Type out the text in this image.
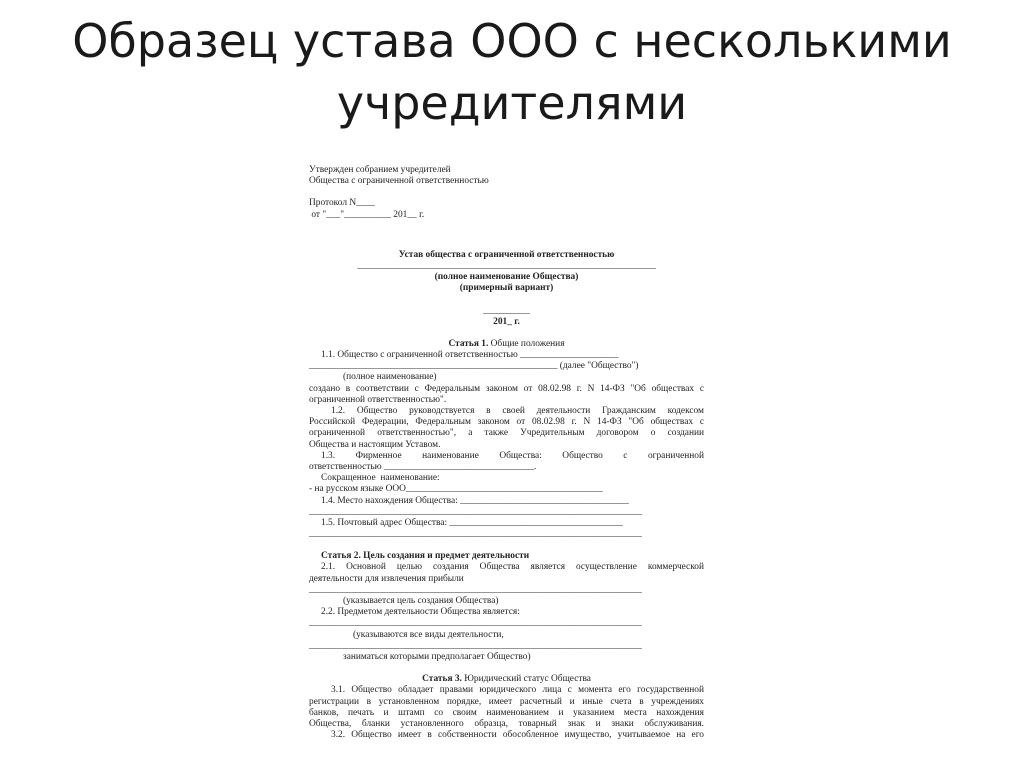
Образец устава ООО с несколькими
учредителями
Утвержден собранием учредителей
Общества с ограниченной ответственностью
Протокол N____
от "___"__________ 201__ г.
Устав общества с ограниченной ответственностью
____________________________________________________________________
(полное наименование Общества)
(примерный вариант)
__________
201_ г.
Статья 1. Общие положения
1.1. Общество с ограниченной ответственностью _____________________
_____________________________________________________ (далее "Общество")
(полное наименование)
создано в соответствии с Федеральным законом от 08.02.98 г. N 14-ФЗ "Об обществах с
ограниченной ответственностью".
1.2. Общество руководствуется в своей деятельности Гражданским кодексом
Российской Федерации, Федеральным законом от 08.02.98 г. N 14-ФЗ "Об обществах с
ограниченной ответственностью", а также Учредительным договором о создании
Общества и настоящим Уставом.
1.3. Фирменное наименование Общества: Общество с ограниченной
ответственностью ________________________________.
Сокращенное  наименование:
- на русском языке ООО__________________________________________
1.4. Место нахождения Общества: ____________________________________
_______________________________________________________________________
1.5. Почтовый адрес Общества: _____________________________________
_______________________________________________________________________
Статья 2. Цель создания и предмет деятельности
2.1. Основной целью создания Общества является осуществление коммерческой
деятельности для извлечения прибыли
_______________________________________________________________________
(указывается цель создания Общества)
2.2. Предметом деятельности Общества является:
_______________________________________________________________________
(указываются все виды деятельности,
_______________________________________________________________________
заниматься которыми предполагает Общество)
Статья 3. Юридический статус Общества
3.1. Общество обладает правами юридического лица с момента его государственной
регистрации в установленном порядке, имеет расчетный и иные счета в учреждениях
банков, печать и штамп со своим наименованием и указанием места нахождения
Общества, бланки установленного образца, товарный знак и знаки обслуживания.
3.2. Общество имеет в собственности обособленное имущество, учитываемое на его
